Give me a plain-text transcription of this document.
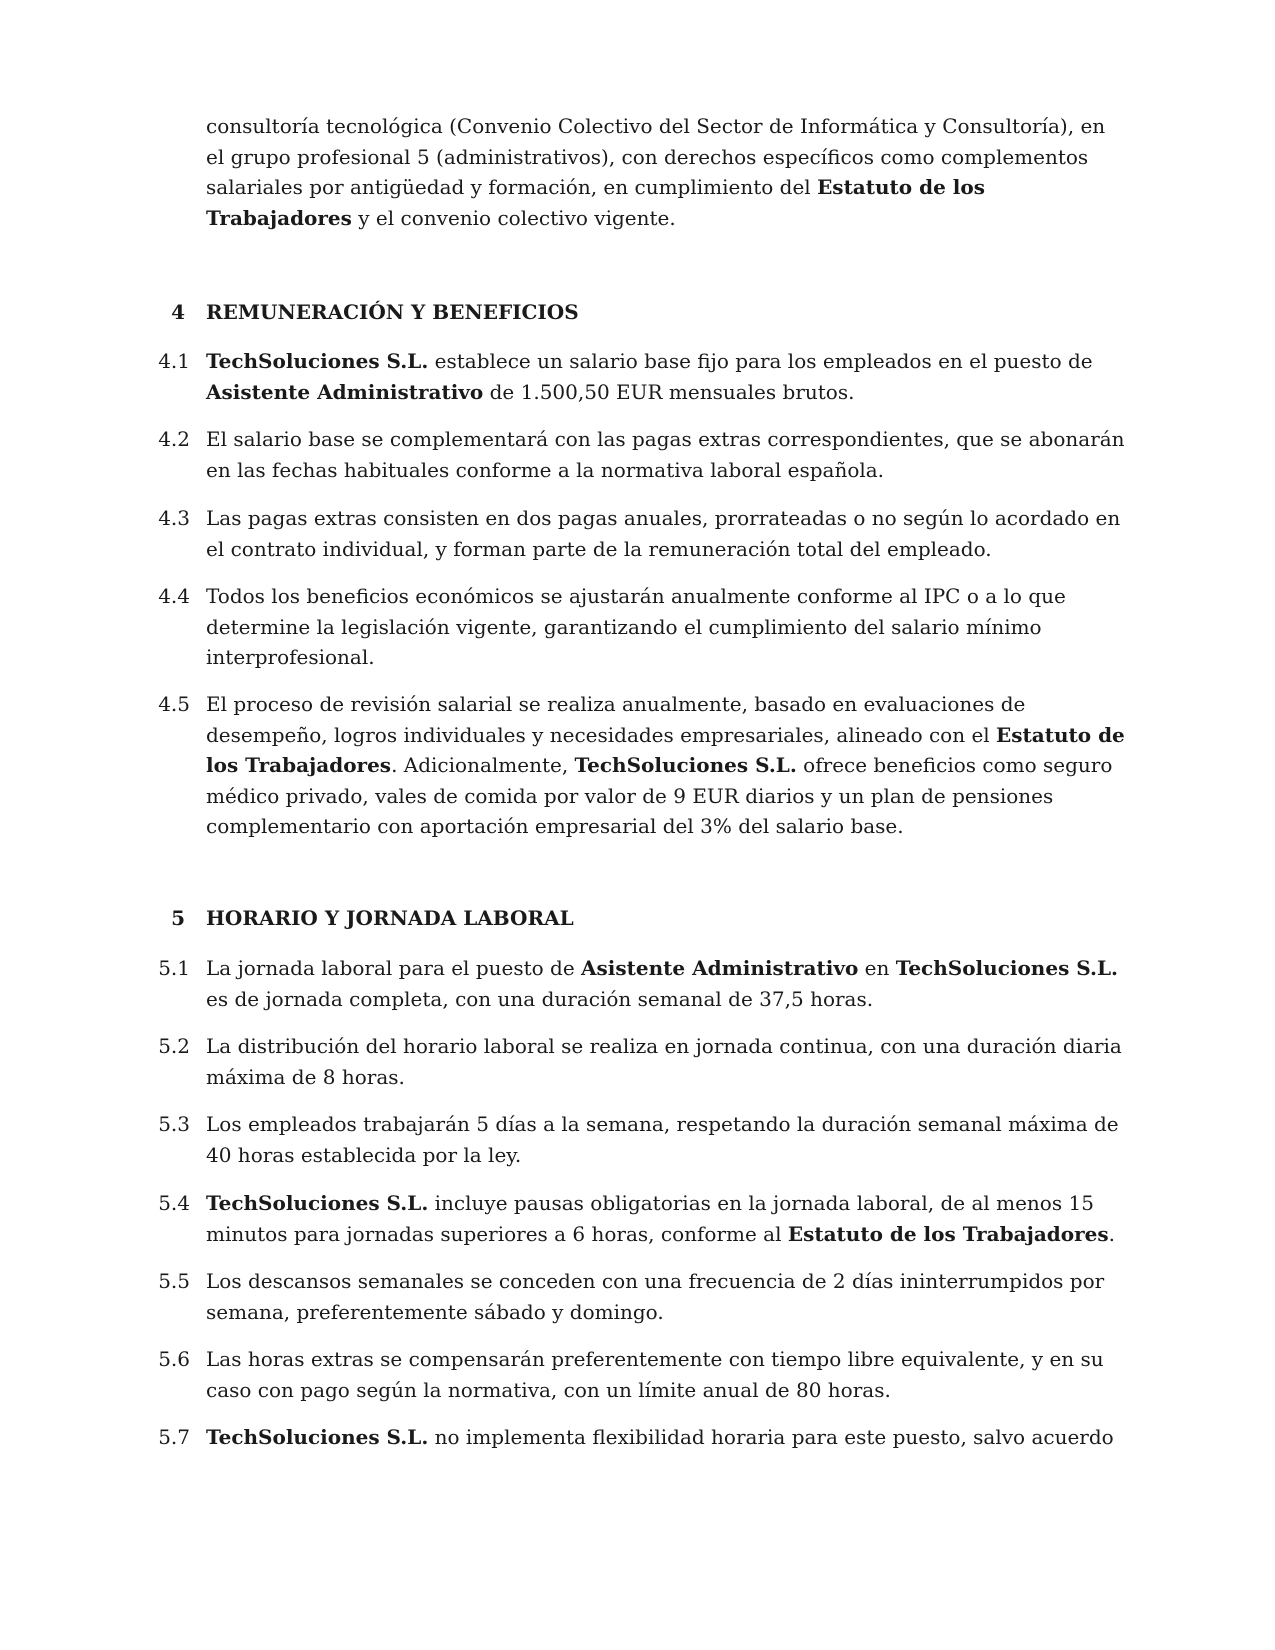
consultoría tecnológica (Convenio Colectivo del Sector de Informática y Consultoría), en el grupo profesional 5 (administrativos), con derechos específicos como complementos salariales por antigüedad y formación, en cumplimiento del Estatuto de los Trabajadores y el convenio colectivo vigente.

4 REMUNERACIÓN Y BENEFICIOS
4.1 TechSoluciones S.L. establece un salario base fijo para los empleados en el puesto de Asistente Administrativo de 1.500,50 EUR mensuales brutos.
4.2 El salario base se complementará con las pagas extras correspondientes, que se abonarán en las fechas habituales conforme a la normativa laboral española.
4.3 Las pagas extras consisten en dos pagas anuales, prorrateadas o no según lo acordado en el contrato individual, y forman parte de la remuneración total del empleado.
4.4 Todos los beneficios económicos se ajustarán anualmente conforme al IPC o a lo que determine la legislación vigente, garantizando el cumplimiento del salario mínimo interprofesional.
4.5 El proceso de revisión salarial se realiza anualmente, basado en evaluaciones de desempeño, logros individuales y necesidades empresariales, alineado con el Estatuto de los Trabajadores. Adicionalmente, TechSoluciones S.L. ofrece beneficios como seguro médico privado, vales de comida por valor de 9 EUR diarios y un plan de pensiones complementario con aportación empresarial del 3% del salario base.
5 HORARIO Y JORNADA LABORAL
5.1 La jornada laboral para el puesto de Asistente Administrativo en TechSoluciones S.L. es de jornada completa, con una duración semanal de 37,5 horas.
5.2 La distribución del horario laboral se realiza en jornada continua, con una duración diaria máxima de 8 horas.
5.3 Los empleados trabajarán 5 días a la semana, respetando la duración semanal máxima de 40 horas establecida por la ley.
5.4 TechSoluciones S.L. incluye pausas obligatorias en la jornada laboral, de al menos 15 minutos para jornadas superiores a 6 horas, conforme al Estatuto de los Trabajadores.
5.5 Los descansos semanales se conceden con una frecuencia de 2 días ininterrumpidos por semana, preferentemente sábado y domingo.
5.6 Las horas extras se compensarán preferentemente con tiempo libre equivalente, y en su caso con pago según la normativa, con un límite anual de 80 horas.
5.7 TechSoluciones S.L. no implementa flexibilidad horaria para este puesto, salvo acuerdo
